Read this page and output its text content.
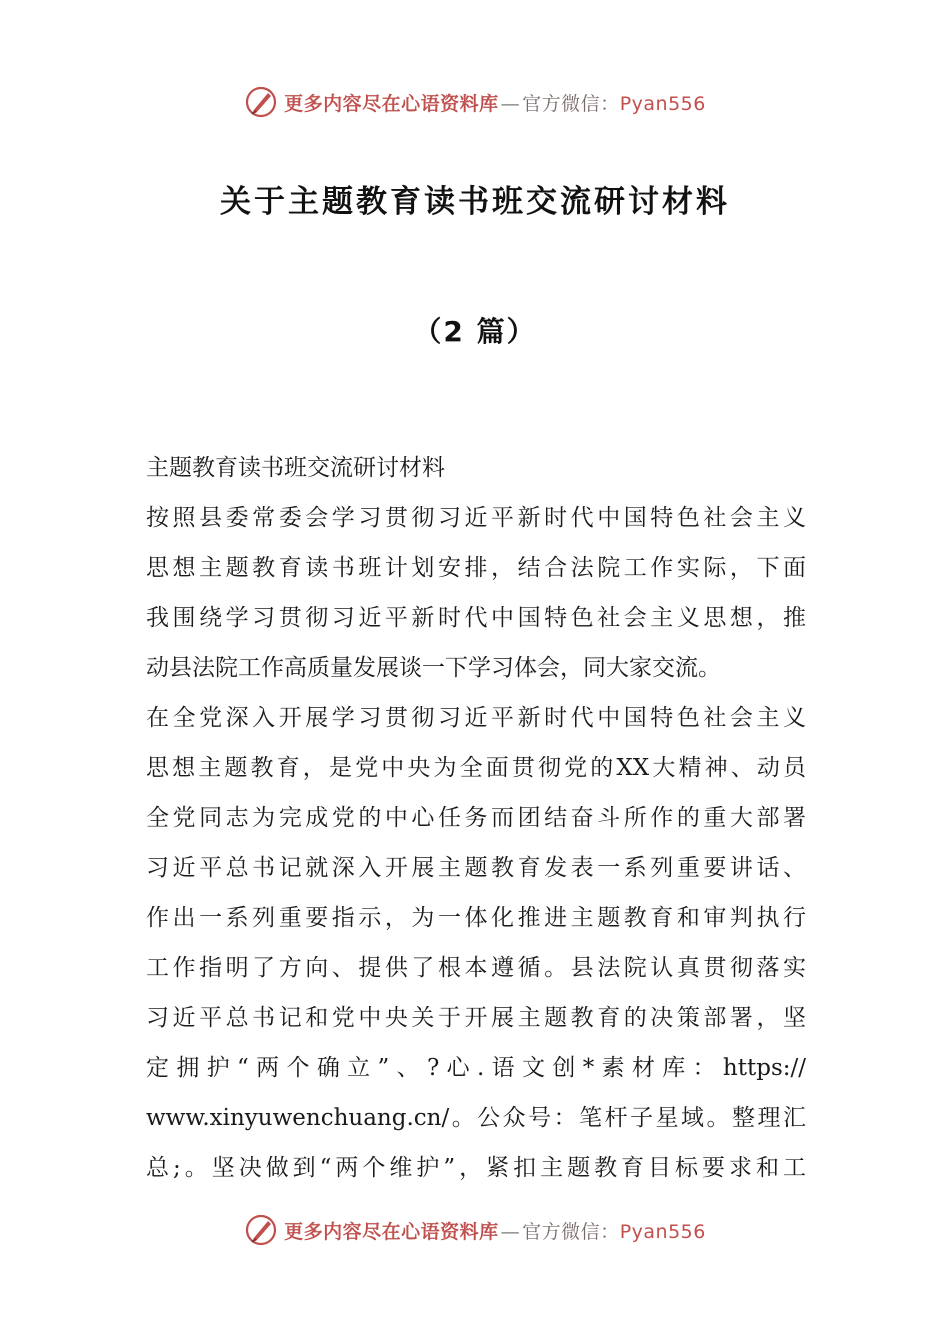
更多内容尽在心语资料库 — 官方微信：Pyan556
关于主题教育读书班交流研讨材料
（2 篇）
主题教育读书班交流研讨材料
按照县委常委会学习贯彻习近平新时代中国特色社会主义
思想主题教育读书班计划安排，结合法院工作实际，下面
我围绕学习贯彻习近平新时代中国特色社会主义思想，推
动县法院工作高质量发展谈一下学习体会，同大家交流。
在全党深入开展学习贯彻习近平新时代中国特色社会主义
思想主题教育，是党中央为全面贯彻党的XX大精神、动员
全党同志为完成党的中心任务而团结奋斗所作的重大部署
习近平总书记就深入开展主题教育发表一系列重要讲话、
作出一系列重要指示，为一体化推进主题教育和审判执行
工作指明了方向、提供了根本遵循。县法院认真贯彻落实
习近平总书记和党中央关于开展主题教育的决策部署，坚
定拥护“两个确立”、?心.语文创*素材库：https://
www.xinyuwenchuang.cn/。公众号：笔杆子星域。整理汇
总;。坚决做到“两个维护”，紧扣主题教育目标要求和工
更多内容尽在心语资料库 — 官方微信：Pyan556
